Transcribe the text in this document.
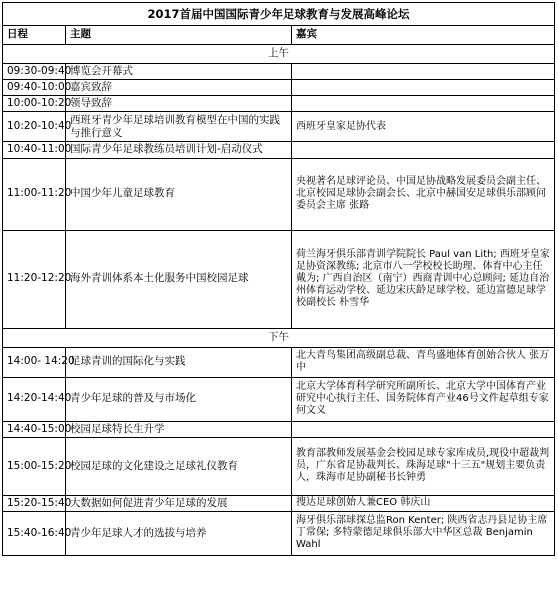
2017首届中国国际青少年足球教育与发展高峰论坛		
日程	主题	嘉宾
上午		
09:30-09:40	博览会开幕式	
09:40-10:00	嘉宾致辞	
10:00-10:20	领导致辞	
10:20-10:40	西班牙青少年足球培训教育模型在中国的实践与推行意义	西班牙皇家足协代表
10:40-11:00	国际青少年足球教练员培训计划-启动仪式	
11:00-11:20	中国少年儿童足球教育	央视著名足球评论员、中国足协战略发展委员会副主任、北京校园足球协会副会长、北京中赫国安足球俱乐部顾问委员会主席 张路
11:20-12:20	海外青训体系本土化服务中国校园足球	荷兰海牙俱乐部青训学院院长 Paul van Lith; 西班牙皇家足协资深教练; 北京市八一学校校长助理、体育中心主任 戴为; 广西自治区（南宁）西商青训中心总顾问; 延边自治州体育运动学校、延边宋庆龄足球学校、延边富德足球学校副校长 朴雪华
下午		
14:00- 14:20	足球青训的国际化与实践	北大青鸟集团高级副总裁、青鸟盛地体育创始合伙人 张万中
14:20-14:40	青少年足球的普及与市场化	北京大学体育科学研究所副所长、北京大学中国体育产业研究中心执行主任、国务院体育产业46号文件起草组专家 何文义
14:40-15:00	校园足球特长生升学	
15:00-15:20	校园足球的文化建设之足球礼仪教育	教育部教师发展基金会校园足球专家库成员,现役中超裁判员，广东省足协裁判长、珠海足球"十三五"规划主要负责人，珠海市足协副秘书长钟勇
15:20-15:40	大数据如何促进青少年足球的发展	搜达足球创始人兼CEO 韩庆山
15:40-16:40	青少年足球人才的选拔与培养	海牙俱乐部球探总监Ron Kenter; 陕西省志丹县足协主席 丁常保; 多特蒙德足球俱乐部大中华区总裁 Benjamin Wahl
